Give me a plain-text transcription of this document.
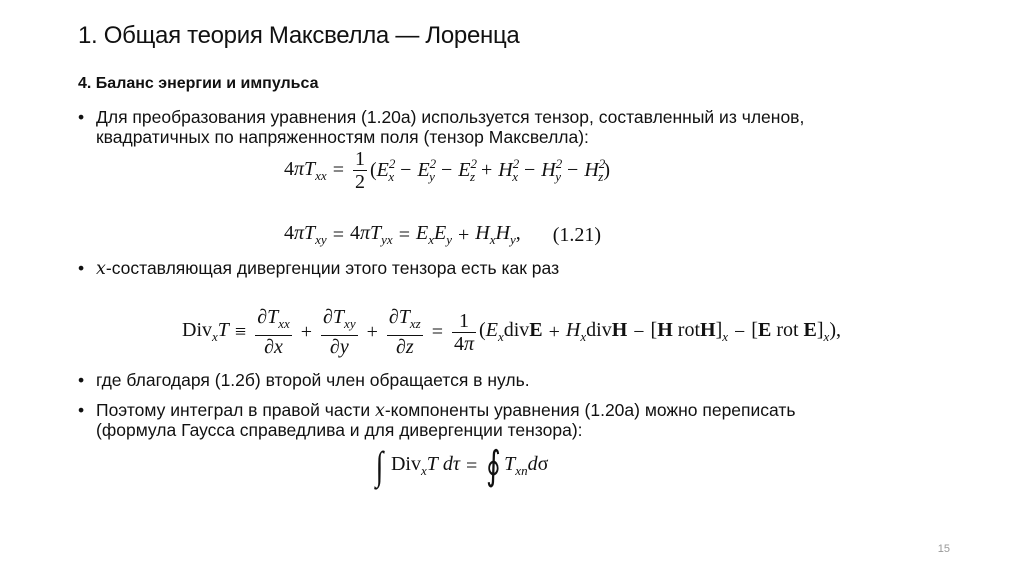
1. Общая теория Максвелла — Лоренца
4. Баланс энергии и импульса
• Для преобразования уравнения (1.20а) используется тензор, составленный из членов,
квадратичных по напряженностям поля (тензор Максвелла):
$4\pi T_{xx} = \frac{1}{2} (E^2_x - E^2_y - E^2_z + H^2_x - H^2_y - H^2_z)$
$4\pi T_{xy} = 4\pi T_{yx} = E_xE_y + H_xH_y$, (1.21)
• x-составляющая дивергенции этого тензора есть как раз
$Div_xT \equiv \frac{\partial T_{xx}}{\partial x} + \frac{\partial T_{xy}}{\partial y} + \frac{\partial T_{xz}}{\partial z} = \frac{1}{4\pi}$ ($E_xdivE$ + $H_xdivH - [H$ $rotH]_x - [E$ rot $E]_x$),
• где благодаря (1.2б) второй член обращается в нуль.
• Поэтому интеграл в правой части x-компоненты уравнения (1.20а) можно переписать
(формула Гаусса справедлива и для дивергенции тензора):
∫ Div$_x$T dτ = ∮ $T_{xn}d\sigma$
15
